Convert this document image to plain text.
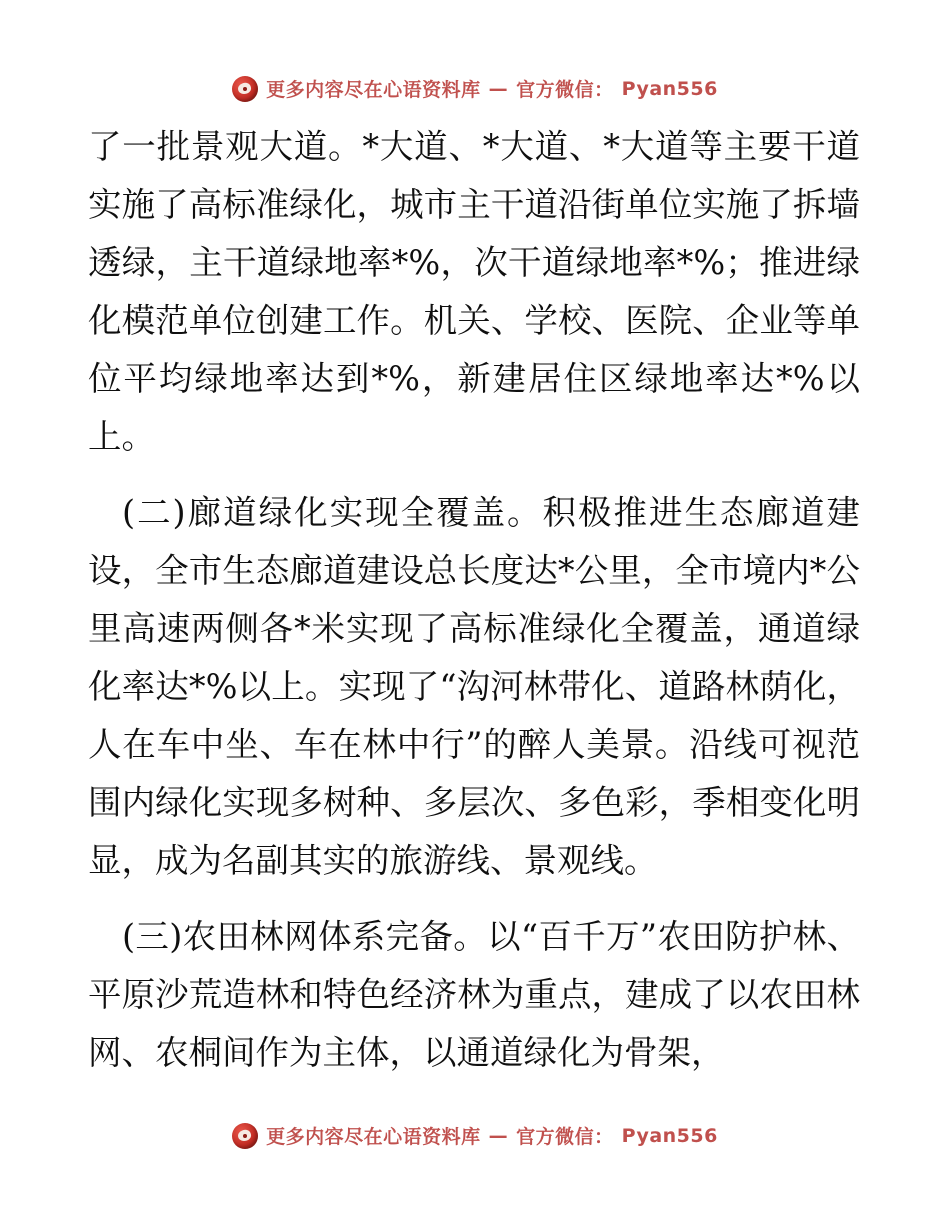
更多内容尽在心语资料库 — 官方微信： Pyan556

了一批景观大道。*大道、*大道、*大道等主要干道实施了高标准绿化，城市主干道沿街单位实施了拆墙透绿，主干道绿地率*%，次干道绿地率*%；推进绿化模范单位创建工作。机关、学校、医院、企业等单位平均绿地率达到*%，新建居住区绿地率达*%以上。

(二)廊道绿化实现全覆盖。积极推进生态廊道建设，全市生态廊道建设总长度达*公里，全市境内*公里高速两侧各*米实现了高标准绿化全覆盖，通道绿化率达*%以上。实现了“沟河林带化、道路林荫化，人在车中坐、车在林中行”的醉人美景。沿线可视范围内绿化实现多树种、多层次、多色彩，季相变化明显，成为名副其实的旅游线、景观线。

(三)农田林网体系完备。以“百千万”农田防护林、平原沙荒造林和特色经济林为重点，建成了以农田林网、农桐间作为主体，以通道绿化为骨架，

更多内容尽在心语资料库 — 官方微信： Pyan556
